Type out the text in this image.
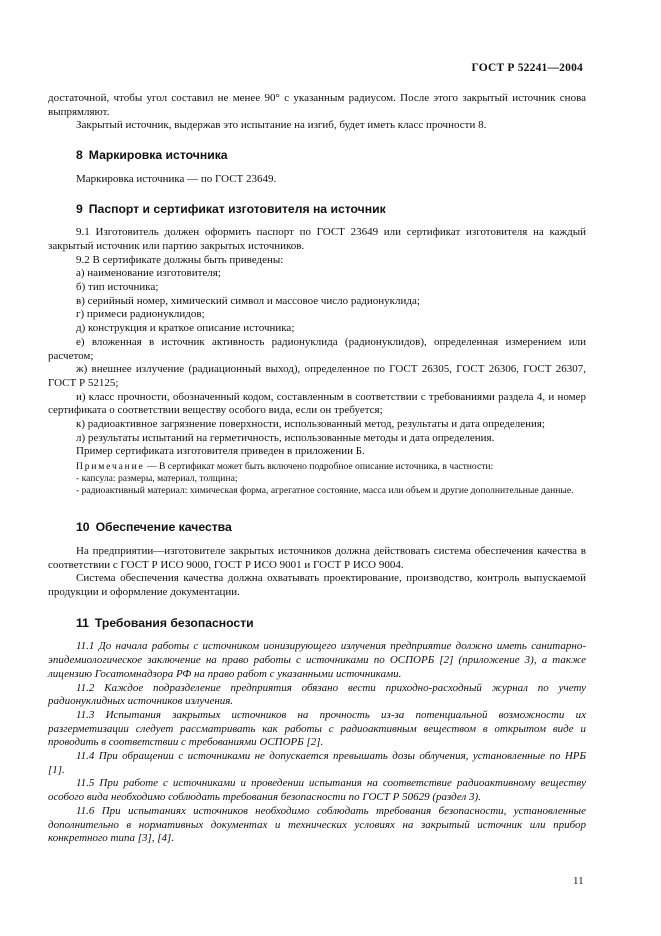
ГОСТ Р 52241—2004

достаточной, чтобы угол составил не менее 90° с указанным радиусом. После этого закрытый источник снова выпрямляют.

Закрытый источник, выдержав это испытание на изгиб, будет иметь класс прочности 8.

8 Маркировка источника

Маркировка источника — по ГОСТ 23649.

9 Паспорт и сертификат изготовителя на источник

9.1 Изготовитель должен оформить паспорт по ГОСТ 23649 или сертификат изготовителя на каждый закрытый источник или партию закрытых источников.

9.2 В сертификате должны быть приведены:

а) наименование изготовителя;

б) тип источника;

в) серийный номер, химический символ и массовое число радионуклида;

г) примеси радионуклидов;

д) конструкция и краткое описание источника;

е) вложенная в источник активность радионуклида (радионуклидов), определенная измерением или расчетом;

ж) внешнее излучение (радиационный выход), определенное по ГОСТ 26305, ГОСТ 26306, ГОСТ 26307, ГОСТ Р 52125;

и) класс прочности, обозначенный кодом, составленным в соответствии с требованиями раздела 4, и номер сертификата о соответствии веществу особого вида, если он требуется;

к) радиоактивное загрязнение поверхности, использованный метод, результаты и дата определения;

л) результаты испытаний на герметичность, использованные методы и дата определения.

Пример сертификата изготовителя приведен в приложении Б.

Примечание — В сертификат может быть включено подробное описание источника, в частности:

- капсула: размеры, материал, толщина;

- радиоактивный материал: химическая форма, агрегатное состояние, масса или объем и другие дополнительные данные.

10 Обеспечение качества

На предприятии—изготовителе закрытых источников должна действовать система обеспечения качества в соответствии с ГОСТ Р ИСО 9000, ГОСТ Р ИСО 9001 и ГОСТ Р ИСО 9004.

Система обеспечения качества должна охватывать проектирование, производство, контроль выпускаемой продукции и оформление документации.

11 Требования безопасности

11.1 До начала работы с источником ионизирующего излучения предприятие должно иметь санитарно-эпидемиологическое заключение на право работы с источниками по ОСПОРБ [2] (приложение 3), а также лицензию Госатомнадзора РФ на право работ с указанными источниками.

11.2 Каждое подразделение предприятия обязано вести приходно-расходный журнал по учету радионуклидных источников излучения.

11.3 Испытания закрытых источников на прочность из-за потенциальной возможности их разгерметизации следует рассматривать как работы с радиоактивным веществом в открытом виде и проводить в соответствии с требованиями ОСПОРБ [2].

11.4 При обращении с источниками не допускается превышать дозы облучения, установленные по НРБ [1].

11.5 При работе с источниками и проведении испытания на соответствие радиоактивному веществу особого вида необходимо соблюдать требования безопасности по ГОСТ Р 50629 (раздел 3).

11.6 При испытаниях источников необходимо соблюдать требования безопасности, установленные дополнительно в нормативных документах и технических условиях на закрытый источник или прибор конкретного типа [3], [4].

11
